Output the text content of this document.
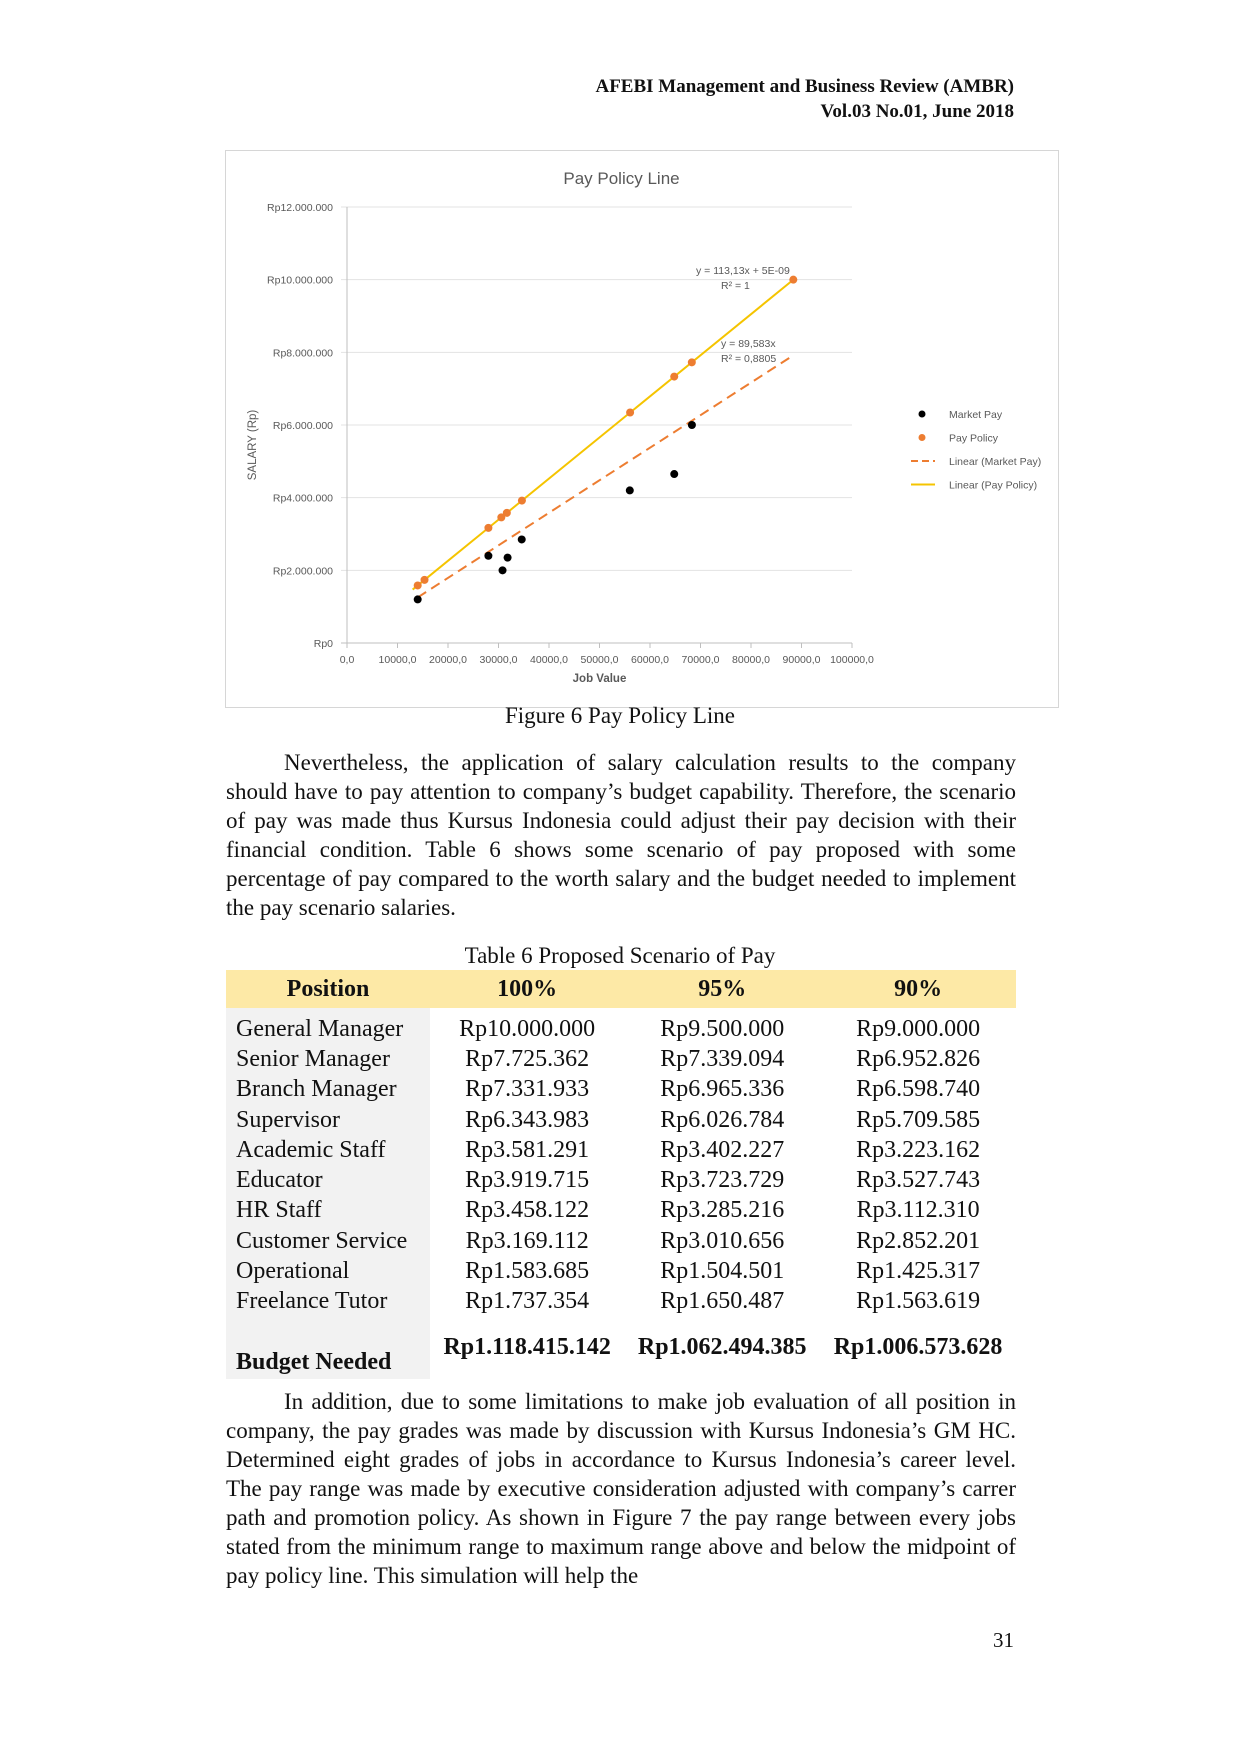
AFEBI Management and Business Review (AMBR)
Vol.03 No.01, June 2018
Pay Policy Line
Rp0
Rp2.000.000
Rp4.000.000
Rp6.000.000
Rp8.000.000
Rp10.000.000
Rp12.000.000
0,0 10000,0 20000,0 30000,0 40000,0 50000,0 60000,0 70000,0 80000,0 90000,0 100000,0
Job Value
SALARY (Rp)
y = 113,13x + 5E-09
R² = 1
y = 89,583x
R² = 0,8805
Market Pay
Pay Policy
Linear (Market Pay)
Linear (Pay Policy)
Figure 6 Pay Policy Line
Nevertheless, the application of salary calculation results to the company should have to pay attention to company’s budget capability. Therefore, the scenario of pay was made thus Kursus Indonesia could adjust their pay decision with their financial condition. Table 6 shows some scenario of pay proposed with some percentage of pay compared to the worth salary and the budget needed to implement the pay scenario salaries.
Table 6 Proposed Scenario of Pay
Position	100%	95%	90%
General Manager	Rp10.000.000	Rp9.500.000	Rp9.000.000
Senior Manager	Rp7.725.362	Rp7.339.094	Rp6.952.826
Branch Manager	Rp7.331.933	Rp6.965.336	Rp6.598.740
Supervisor	Rp6.343.983	Rp6.026.784	Rp5.709.585
Academic Staff	Rp3.581.291	Rp3.402.227	Rp3.223.162
Educator	Rp3.919.715	Rp3.723.729	Rp3.527.743
HR Staff	Rp3.458.122	Rp3.285.216	Rp3.112.310
Customer Service	Rp3.169.112	Rp3.010.656	Rp2.852.201
Operational	Rp1.583.685	Rp1.504.501	Rp1.425.317
Freelance Tutor	Rp1.737.354	Rp1.650.487	Rp1.563.619
Budget Needed	Rp1.118.415.142	Rp1.062.494.385	Rp1.006.573.628
In addition, due to some limitations to make job evaluation of all position in company, the pay grades was made by discussion with Kursus Indonesia’s GM HC. Determined eight grades of jobs in accordance to Kursus Indonesia’s career level. The pay range was made by executive consideration adjusted with company’s carrer path and promotion policy. As shown in Figure 7 the pay range between every jobs stated from the minimum range to maximum range above and below the midpoint of pay policy line. This simulation will help the
31
